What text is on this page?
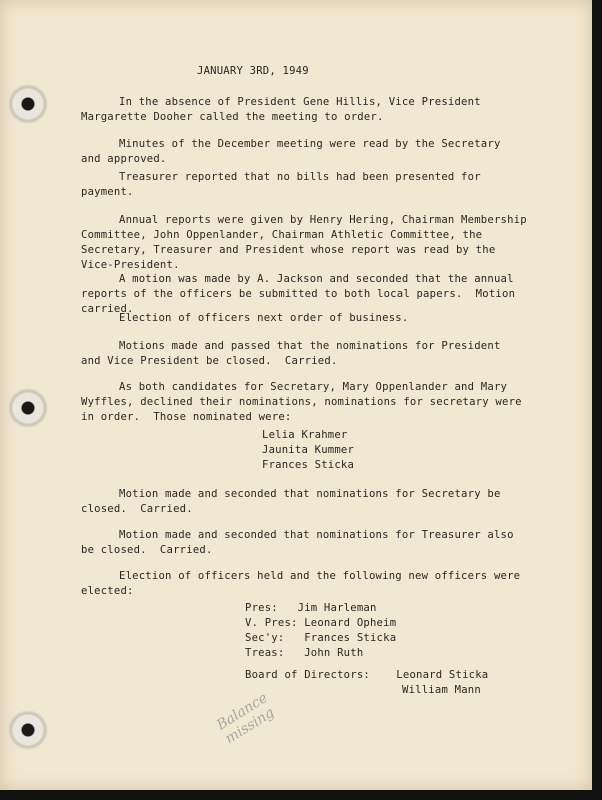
JANUARY 3RD, 1949
In the absence of President Gene Hillis, Vice President
Margarette Dooher called the meeting to order.
Minutes of the December meeting were read by the Secretary
and approved.
Treasurer reported that no bills had been presented for
payment.
Annual reports were given by Henry Hering, Chairman Membership
Committee, John Oppenlander, Chairman Athletic Committee, the
Secretary, Treasurer and President whose report was read by the
Vice-President.
A motion was made by A. Jackson and seconded that the annual
reports of the officers be submitted to both local papers.  Motion
carried.
Election of officers next order of business.
Motions made and passed that the nominations for President
and Vice President be closed.  Carried.
As both candidates for Secretary, Mary Oppenlander and Mary
Wyffles, declined their nominations, nominations for secretary were
in order.  Those nominated were:
Lelia Krahmer
Jaunita Kummer
Frances Sticka
Motion made and seconded that nominations for Secretary be
closed.  Carried.
Motion made and seconded that nominations for Treasurer also
be closed.  Carried.
Election of officers held and the following new officers were
elected:
Pres:   Jim Harleman
V. Pres: Leonard Opheim
Sec'y:   Frances Sticka
Treas:   John Ruth
Board of Directors:    Leonard Sticka
William Mann
Balance
missing
